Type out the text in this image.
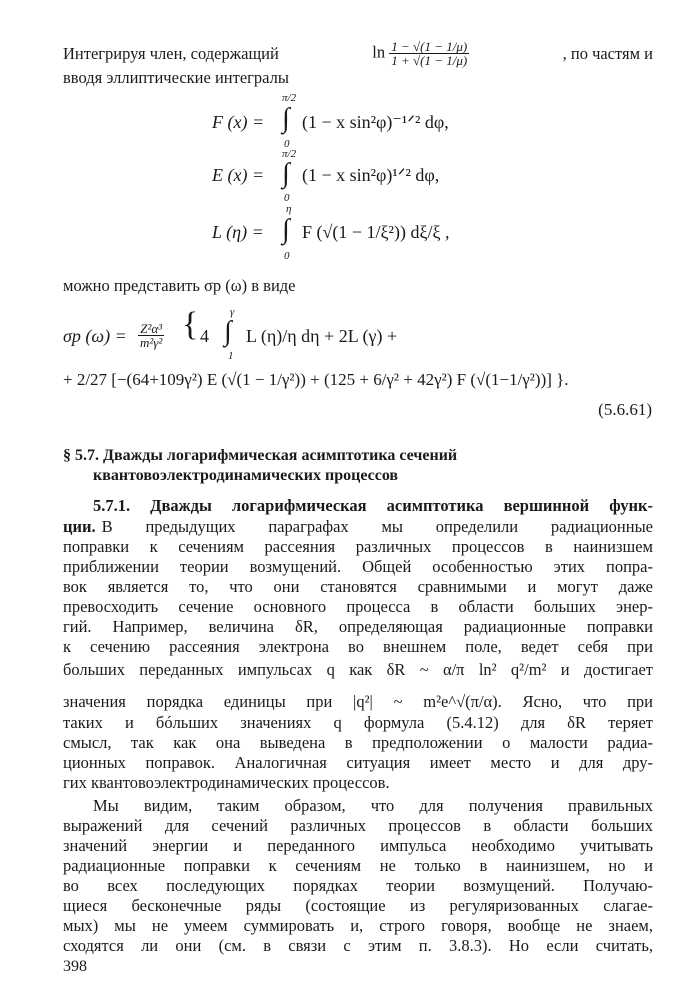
Интегрируя член, содержащий	$\ln \frac{1 - √(1 - 1/\mu)}{1 + √(1 - 1/\mu)}$	, по частям и
вводя эллиптические интегралы
F (x) =
π/2
∫
0
(1 − x sin²φ)⁻¹ᐟ² dφ,
E (x) =
π/2
∫
0
(1 − x sin²φ)¹ᐟ² dφ,
L (η) =
η
∫
0
F (√(1 − 1/ξ²)) dξ/ξ ,
можно представить σp (ω) в виде
σp $(\omega) = \frac{\text{Z²α³}}{\text{m²γ²}}$ { 4
γ
∫
1
L (η)/η dη + 2L (γ) +
+ 2/27 [−(64+109γ²) E (√(1 − 1/γ²)) + (125 + 6/γ² + 42γ²) F (√(1−1/γ²))] }.
(5.6.61)
§ 5.7. Дважды логарифмическая асимптотика сечений
квантовоэлектродинамических процессов
5.7.1. Дважды логарифмическая асимптотика вершинной функ-
ции. В предыдущих параграфах мы определили радиационные
поправки к сечениям рассеяния различных процессов в наинизшем
приближении теории возмущений. Общей особенностью этих попра-
вок является то, что они становятся сравнимыми и могут даже
превосходить сечение основного процесса в области больших энер-
гий. Например, величина δR, определяющая радиационные поправки
к сечению рассеяния электрона во внешнем поле, ведет себя при
больших переданных импульсах q как δR ~ α/π ln² q²/m² и достигает
значения порядка единицы при |q²| ~ m²e^√(π/α). Ясно, что при
таких и бóльших значениях q формула (5.4.12) для δR теряет
смысл, так как она выведена в предположении о малости радиа-
ционных поправок. Аналогичная ситуация имеет место и для дру-
гих квантовоэлектродинамических процессов.
Мы видим, таким образом, что для получения правильных
выражений для сечений различных процессов в области больших
значений энергии и переданного импульса необходимо учитывать
радиационные поправки к сечениям не только в наинизшем, но и
во всех последующих порядках теории возмущений. Получаю-
щиеся бесконечные ряды (состоящие из регуляризованных слагае-
мых) мы не умеем суммировать и, строго говоря, вообще не знаем,
сходятся ли они (см. в связи с этим п. 3.8.3). Но если считать,
398
